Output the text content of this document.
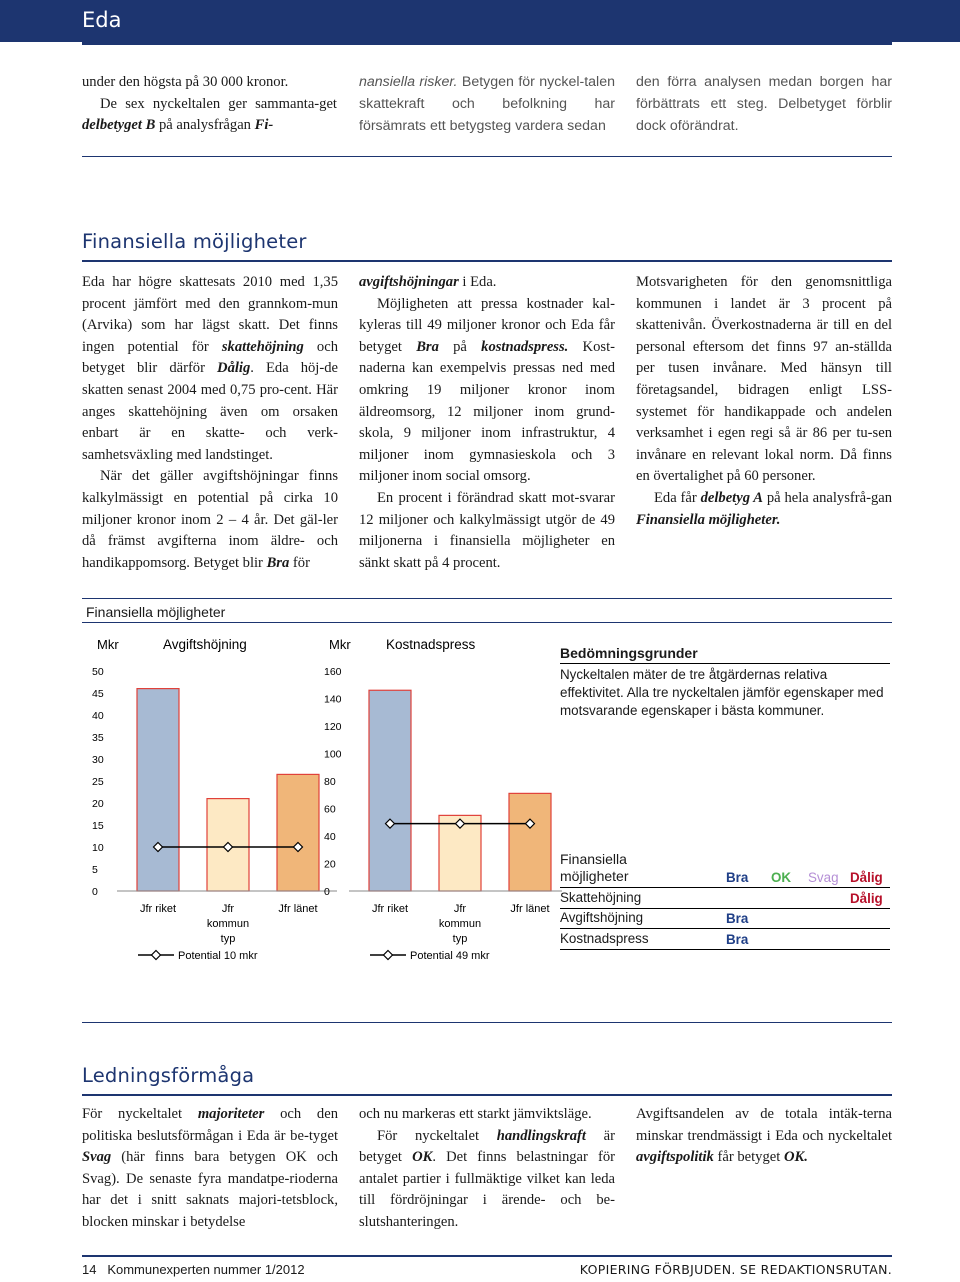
Eda

under den högsta på 30 000 kronor.

De sex nyckeltalen ger sammanta-get delbetyget B på analysfrågan Fi-

nansiella risker. Betygen för nyckel-talen skattekraft och befolkning har försämrats ett betygsteg vardera sedan

den förra analysen medan borgen har förbättrats ett steg. Delbetyget förblir dock oförändrat.

Finansiella möjligheter

Eda har högre skattesats 2010 med 1,35 procent jämfört med den grannkom-mun (Arvika) som har lägst skatt. Det finns ingen potential för skattehöjning och betyget blir därför Dålig. Eda höj-de skatten senast 2004 med 0,75 pro-cent. Här anges skattehöjning även om orsaken enbart är en skatte- och verk-samhetsväxling med landstinget.

När det gäller avgiftshöjningar finns kalkylmässigt en potential på cirka 10 miljoner kronor inom 2 – 4 år. Det gäl-ler då främst avgifterna inom äldre- och handikappomsorg. Betyget blir Bra för

avgiftshöjningar i Eda.

Möjligheten att pressa kostnader kal-kyleras till 49 miljoner kronor och Eda får betyget Bra på kostnadspress. Kost-naderna kan exempelvis pressas ned med omkring 19 miljoner kronor inom äldreomsorg, 12 miljoner inom grund-skola, 9 miljoner inom infrastruktur, 4 miljoner inom gymnasieskola och 3 miljoner inom social omsorg.

En procent i förändrad skatt mot-svarar 12 miljoner och kalkylmässigt utgör de 49 miljonerna i finansiella möjligheter en sänkt skatt på 4 procent.

Motsvarigheten för den genomsnittliga kommunen i landet är 3 procent på skattenivån. Överkostnaderna är till en del personal eftersom det finns 97 an-ställda per tusen invånare. Med hänsyn till företagsandel, bidragen enligt LSS-systemet för handikappade och andelen verksamhet i egen regi så är 86 per tu-sen invånare en relevant lokal norm. Då finns en övertalighet på 60 personer.

Eda får delbetyg A på hela analysfrå-gan Finansiella möjligheter.

Finansiella möjligheter
Mkr	Avgiftshöjning
0
5
10
15
20
25
30
35
40
45
50
Jfr riket	Jfr kommun typ
Jfr länet
Potential 10 mkr
Mkr	Kostnadspress
0
20
40
60
80
100
120
140
160
Jfr riket	Jfr kommun typ
Jfr länet
Potential 49 mkr
Bedömningsgrunder
Nyckeltalen mäter de tre åtgärdernas relativa effektivitet. Alla tre nyckeltalen jämför egenskaper med motsvarande egenskaper i bästa kommuner.
Finansiella
möjligheter	Bra OK Svag Dålig
Skattehöjning	Dålig
Avgiftshöjning	Bra
Kostnadspress	Bra
Ledningsförmåga

För nyckeltalet majoriteter och den politiska beslutsförmågan i Eda är be-tyget Svag (här finns bara betygen OK och Svag). De senaste fyra mandatpe-rioderna har det i snitt saknats majori-tetsblock, blocken minskar i betydelse

och nu markeras ett starkt jämviktsläge.

För nyckeltalet handlingskraft är betyget OK. Det finns belastningar för antalet partier i fullmäktige vilket kan leda till fördröjningar i ärende- och be-slutshanteringen.

Avgiftsandelen av de totala intäk-terna minskar trendmässigt i Eda och nyckeltalet avgiftspolitik får betyget OK.

14 Kommunexperten nummer 1/2012	KOPIERING FÖRBJUDEN. SE REDAKTIONSRUTAN.
